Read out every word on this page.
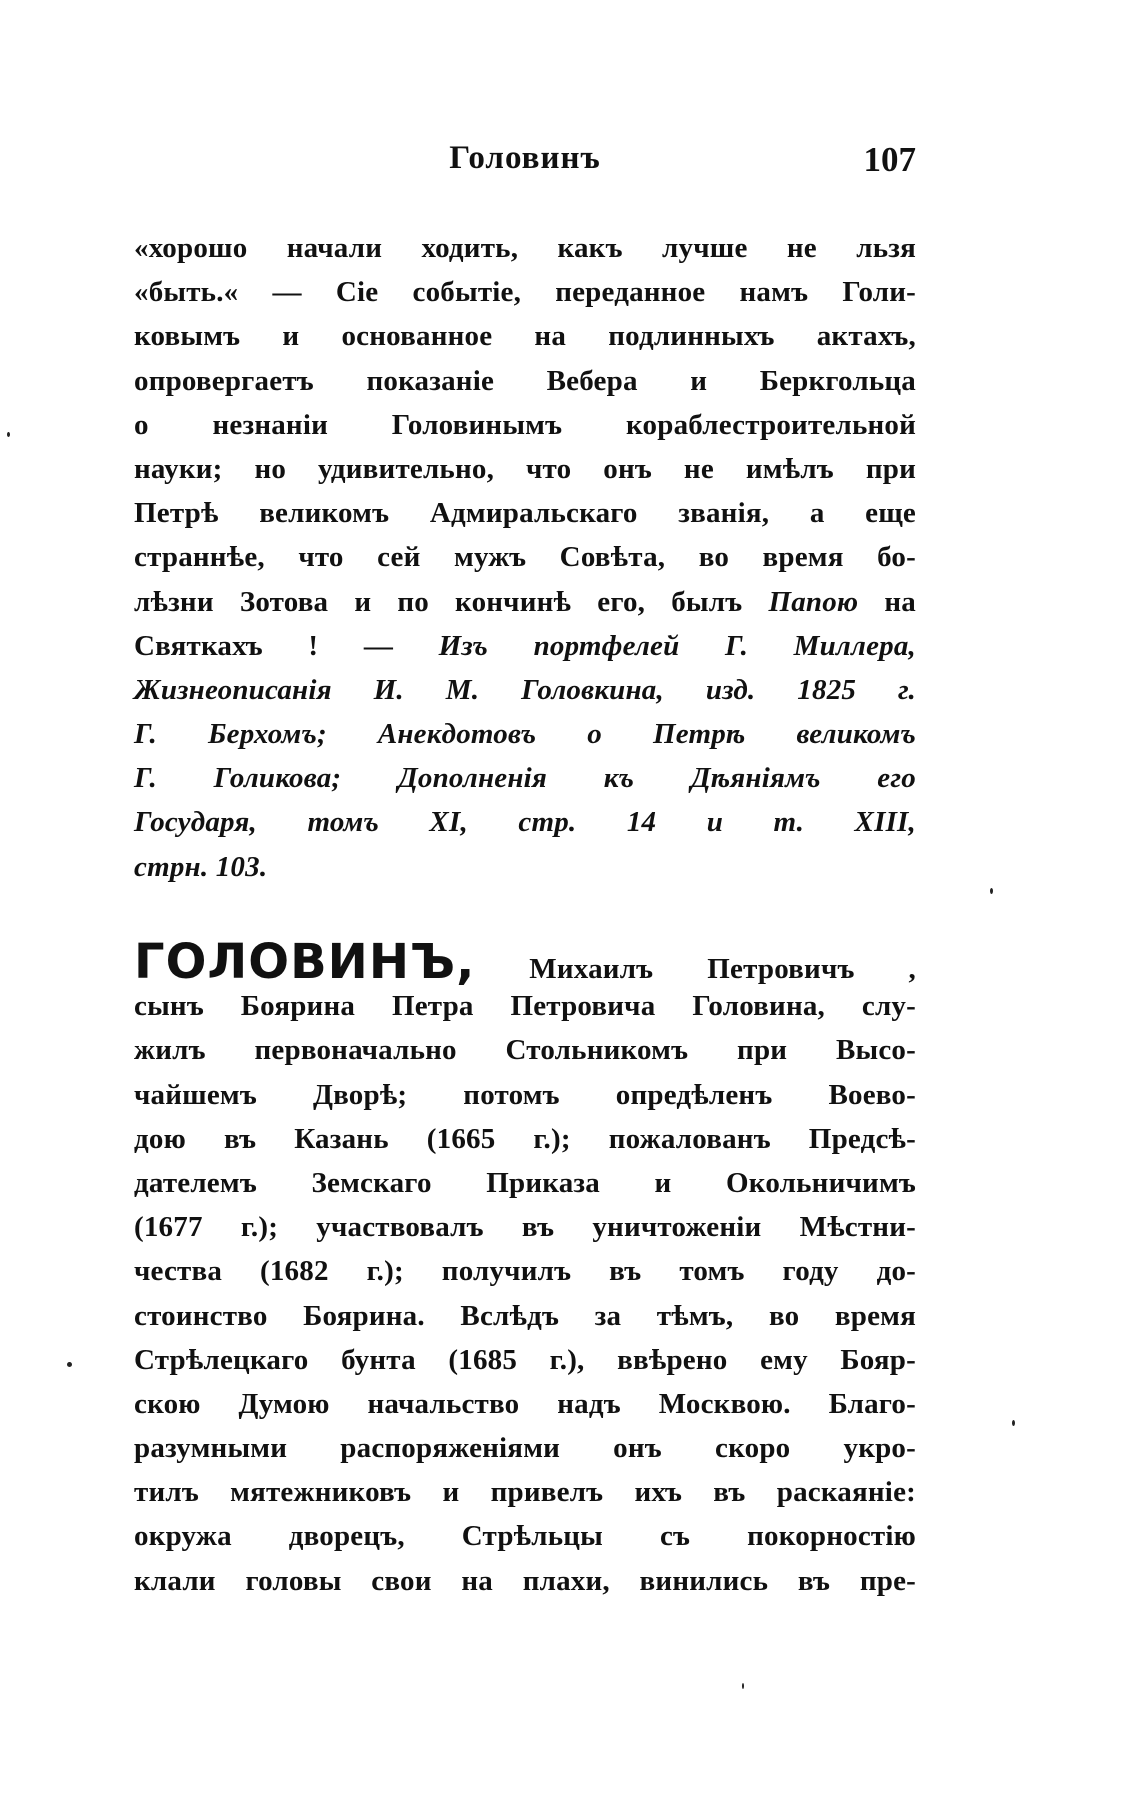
Головинъ	107
«хорошо начали ходить, какъ лучше не льзя
«быть.« — Сіе событіе, переданное намъ Голи-
ковымъ и основанное на подлинныхъ актахъ,
опровергаетъ показаніе Вебера и Беркгольца
о незнаніи Головинымъ кораблестроительной
науки; но удивительно, что онъ не имѣлъ при
Петрѣ великомъ Адмиральскаго званія, а еще
страннѣе, что сей мужъ Совѣта, во время бо-
лѣзни Зотова и по кончинѣ его, былъ Папою на
Святкахъ ! — Изъ портфелей Г. Миллера,
Жизнеописанія И. М. Головкина, изд. 1825 г.
Г. Берхомъ; Анекдотовъ о Петрѣ великомъ
Г. Голикова; Дополненія къ Дѣяніямъ его
Государя, томъ XI, стр. 14 и т. XIII,
стрн. 103.
ГОЛОВИНЪ, Михаилъ Петровичъ ,
сынъ Боярина Петра Петровича Головина, слу-
жилъ первоначально Стольникомъ при Высо-
чайшемъ Дворѣ; потомъ опредѣленъ Воево-
дою въ Казань (1665 г.); пожалованъ Предсѣ-
дателемъ Земскаго Приказа и Окольничимъ
(1677 г.); участвовалъ въ уничтоженіи Мѣстни-
чества (1682 г.); получилъ въ томъ году до-
стоинство Боярина. Вслѣдъ за тѣмъ, во время
Стрѣлецкаго бунта (1685 г.), ввѣрено ему Бояр-
скою Думою начальство надъ Москвою. Благо-
разумными распоряженіями онъ скоро укро-
тилъ мятежниковъ и привелъ ихъ въ раскаяніе:
окружа дворецъ, Стрѣльцы съ покорностію
клали головы свои на плахи, винились въ пре-
